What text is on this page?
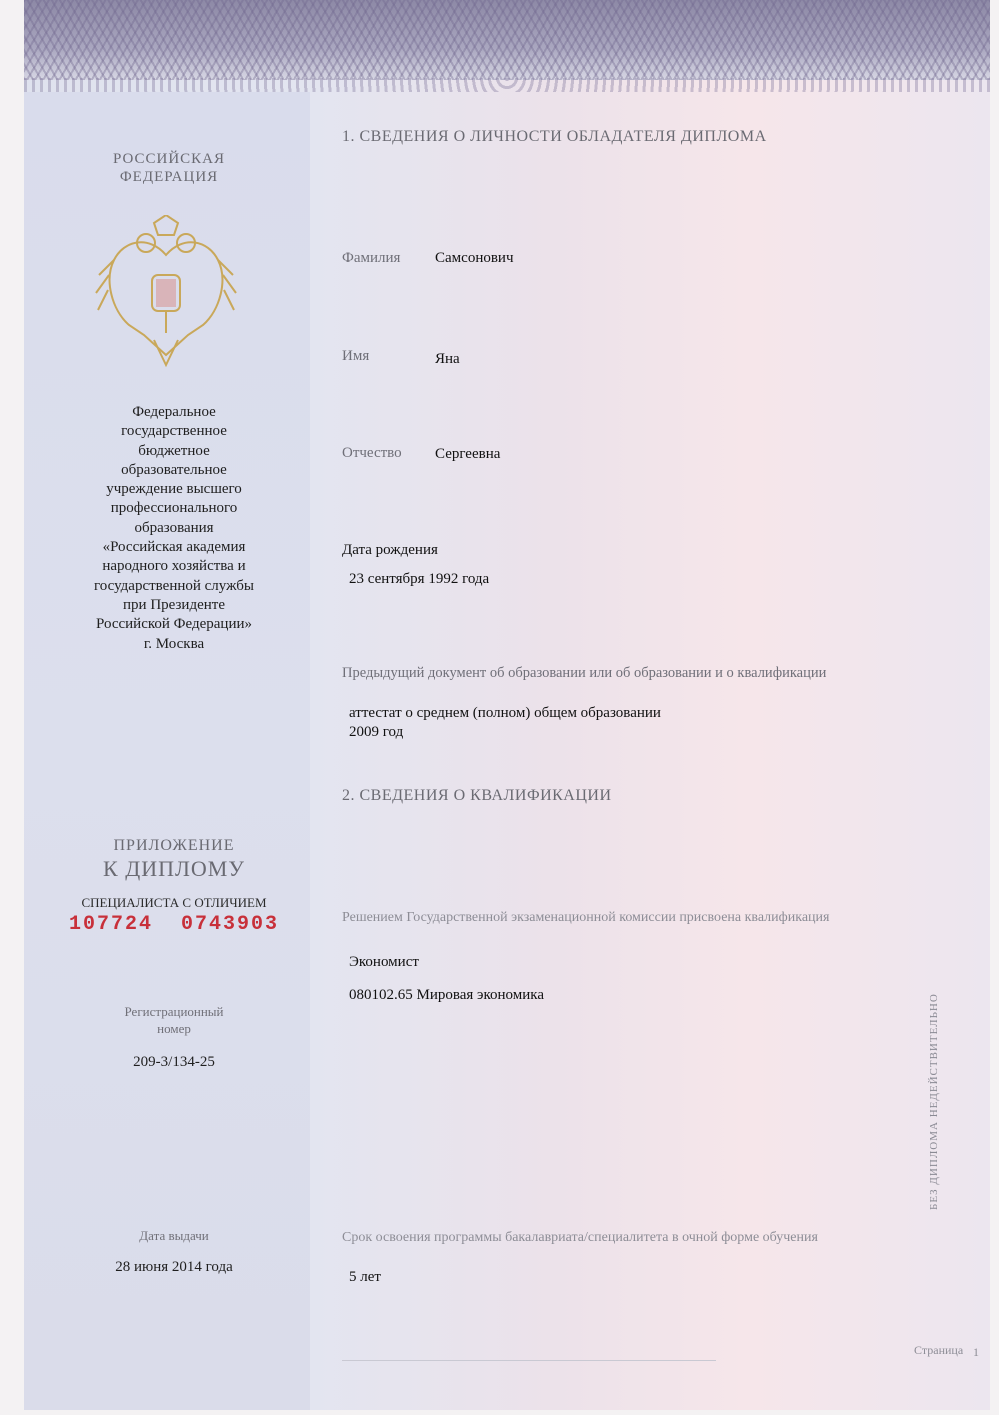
РОССИЙСКАЯ
ФЕДЕРАЦИЯ
Федеральное
государственное
бюджетное
образовательное
учреждение высшего
профессионального
образования
«Российская академия
народного хозяйства и
государственной службы
при Президенте
Российской Федерации»
г. Москва
ПРИЛОЖЕНИЕ
К ДИПЛОМУ
СПЕЦИАЛИСТА С ОТЛИЧИЕМ
107724  0743903
Регистрационный
номер
209-3/134-25
Дата выдачи
28 июня 2014 года
1. СВЕДЕНИЯ О ЛИЧНОСТИ ОБЛАДАТЕЛЯ ДИПЛОМА
Фамилия Самсонович
Имя	Яна
Отчество Сергеевна
Дата рождения
23 сентября 1992 года
Предыдущий документ об образовании или об образовании и о квалификации
аттестат о среднем (полном) общем образовании
2009 год
2. СВЕДЕНИЯ О КВАЛИФИКАЦИИ
Решением Государственной экзаменационной комиссии присвоена квалификация
Экономист
080102.65 Мировая экономика
Срок освоения программы бакалавриата/специалитета в очной форме обучения
5 лет
БЕЗ ДИПЛОМА НЕДЕЙСТВИТЕЛЬНО
Страница 1
